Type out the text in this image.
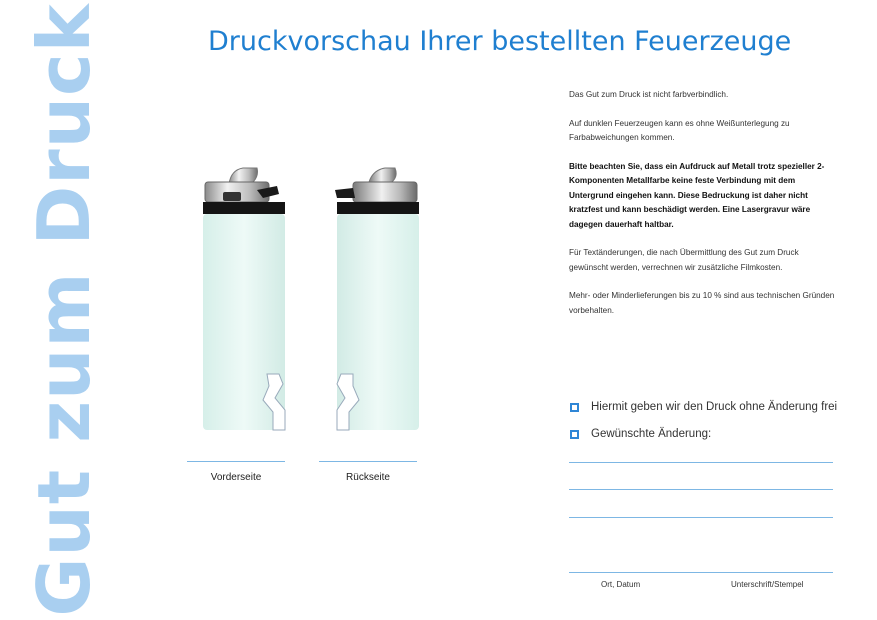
Gut zum Druck	Druckvorschau Ihrer bestellten Feuerzeuge
Vorderseite	Rückseite

Das Gut zum Druck ist nicht farbverbindlich.

Auf dunklen Feuerzeugen kann es ohne Weißunterlegung zu Farbabweichungen kommen.

Bitte beachten Sie, dass ein Aufdruck auf Metall trotz spezieller 2-Komponenten Metallfarbe keine feste Verbindung mit dem Untergrund eingehen kann. Diese Bedruckung ist daher nicht kratzfest und kann beschädigt werden. Eine Lasergravur wäre dagegen dauerhaft haltbar.

Für Textänderungen, die nach Übermittlung des Gut zum Druck gewünscht werden, verrechnen wir zusätzliche Filmkosten.

Mehr- oder Minderlieferungen bis zu 10 % sind aus technischen Gründen vorbehalten.

Hiermit geben wir den Druck ohne Änderung frei
Gewünschte Änderung:
Ort, Datum	Unterschrift/Stempel
